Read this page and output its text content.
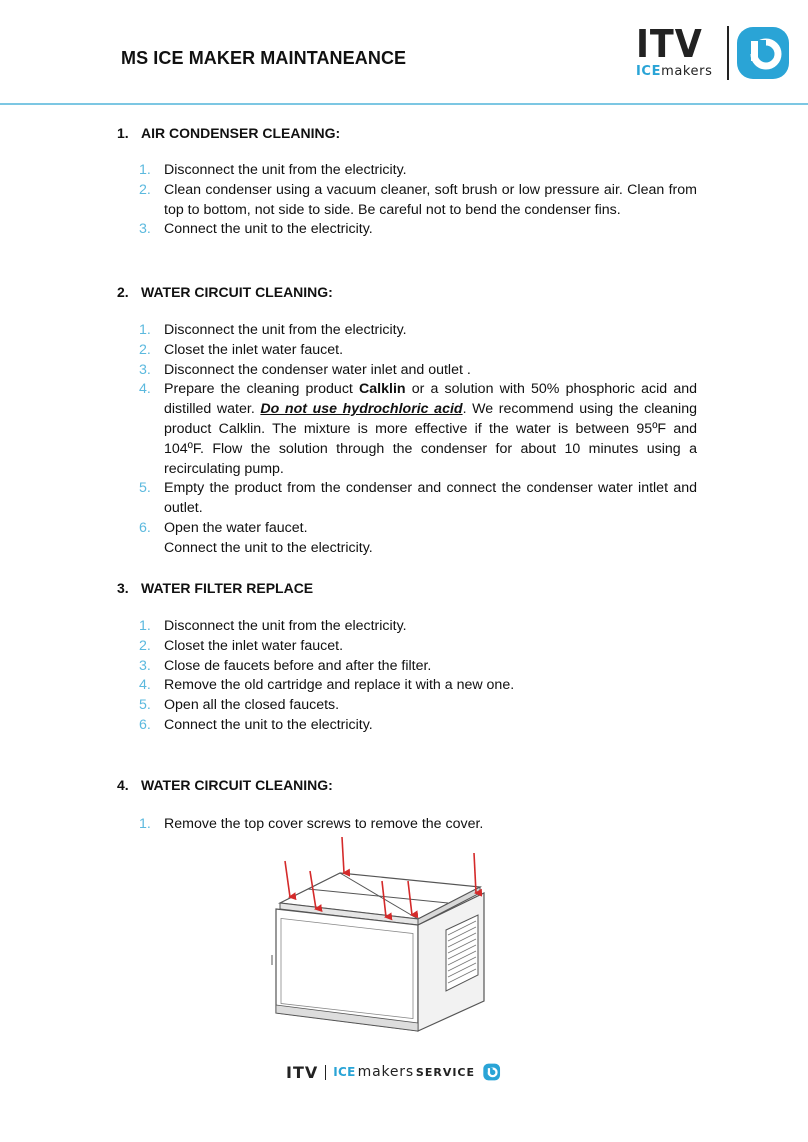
MS ICE MAKER MAINTANEANCE	ITV
ICEmakers
1. AIR CONDENSER CLEANING:
1. Disconnect the unit from the electricity.
2. Clean condenser using a vacuum cleaner, soft brush or low pressure air. Clean from top to bottom, not side to side. Be careful not to bend the condenser fins.
3. Connect the unit to the electricity.
2. WATER CIRCUIT CLEANING:
1. Disconnect the unit from the electricity.
2. Closet the inlet water faucet.
3. Disconnect the condenser water inlet and outlet .
4. Prepare the cleaning product Calklin or a solution with 50% phosphoric acid and distilled water. Do not use hydrochloric acid. We recommend using the cleaning product Calklin. The mixture is more effective if the water is between 95ºF and 104ºF. Flow the solution through the condenser for about 10 minutes using a recirculating pump.
5. Empty the product from the condenser and connect the condenser water intlet and outlet.
6. Open the water faucet.
Connect the unit to the electricity.
3. WATER FILTER REPLACE
1. Disconnect the unit from the electricity.
2. Closet the inlet water faucet.
3. Close de faucets before and after the filter.
4. Remove the old cartridge and replace it with a new one.
5. Open all the closed faucets.
6. Connect the unit to the electricity.
4. WATER CIRCUIT CLEANING:
1. Remove the top cover screws to remove the cover.
ITV ICE makers SERVICE
